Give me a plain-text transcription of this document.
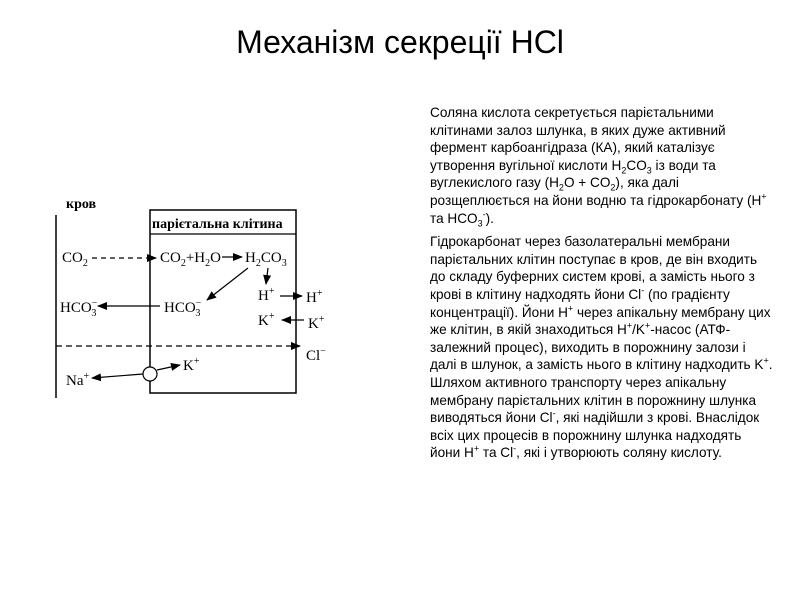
Механізм секреції HCl
кров
парієтальна клітина
$CO_2$	$CO_2+H_2O$ $H_2CO_3$
H+
K+
HCO− 3
HCO− 3
H+
K+
Cl−
Na+
K+

Соляна кислота секретується парієтальними клітинами залоз шлунка, в яких дуже активний фермент карбоангідраза (КА), який каталізує утворення вугільної кислоти $H_2CO_3$ із води та вуглекислого газу $(H_2O + CO_2)$, яка далі розщеплюється на йони водню та гідрокарбонату (H+ та $HCO_3^-$).

Гідрокарбонат через базолатеральні мембрани парієтальних клітин поступає в кров, де він входить до складу буферних систем крові, а замість нього з крові в клітину надходять йони Cl- (по градієнту концентрації). Йони H+ через апікальну мембрану цих же клітин, в якій знаходиться H+/K+-насос (АТФ-залежний процес), виходить в порожнину залози і далі в шлунок, а замість нього в клітину надходить K+. Шляхом активного транспорту через апікальну мембрану парієтальних клітин в порожнину шлунка виводяться йони Cl-, які надійшли з крові. Внаслідок всіх цих процесів в порожнину шлунка надходять йони H+ та Cl-, які і утворюють соляну кислоту.
